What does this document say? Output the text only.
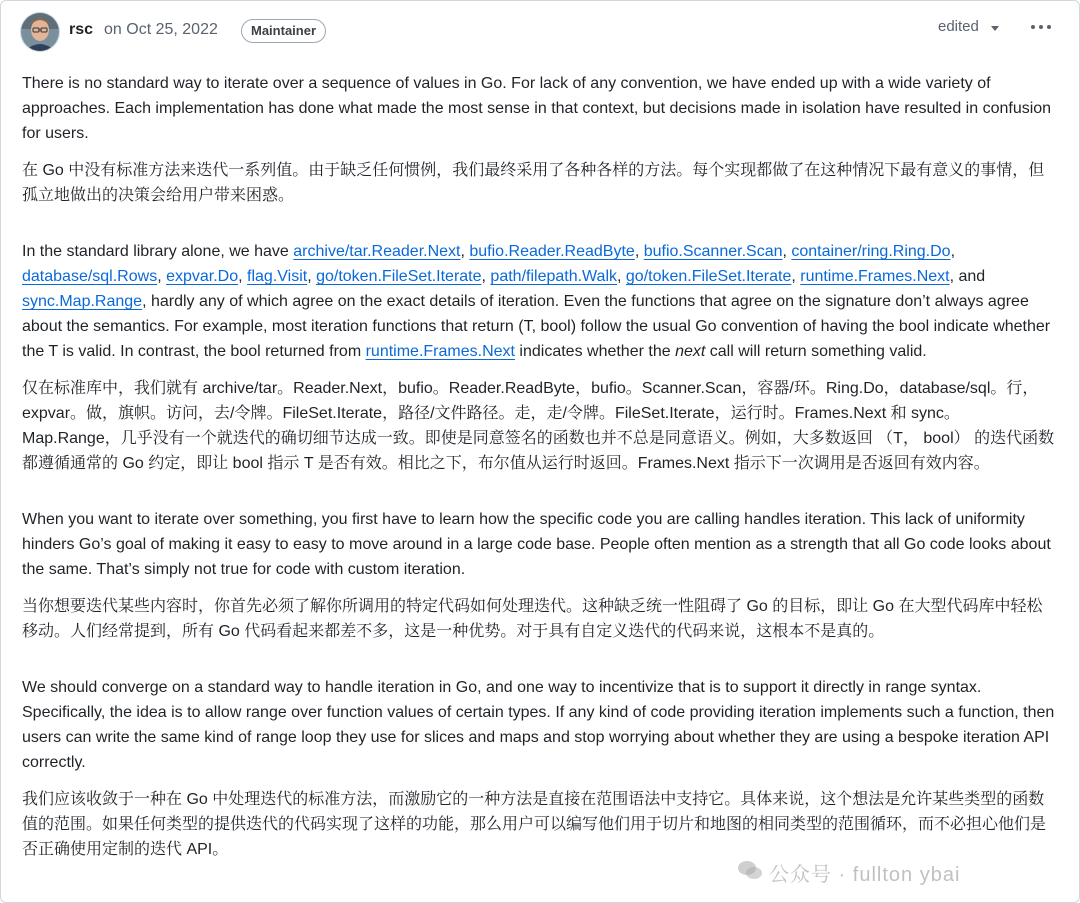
rsc on Oct 25, 2022	Maintainer	edited

There is no standard way to iterate over a sequence of values in Go. For lack of any convention, we have ended up with a wide variety of approaches. Each implementation has done what made the most sense in that context, but decisions made in isolation have resulted in confusion for users.

在 Go 中没有标准方法来迭代一系列值。由于缺乏任何惯例，我们最终采用了各种各样的方法。每个实现都做了在这种情况下最有意义的事情，但孤立地做出的决策会给用户带来困惑。

In the standard library alone, we have archive/tar.Reader.Next, bufio.Reader.ReadByte, bufio.Scanner.Scan, container/ring.Ring.Do, database/sql.Rows, expvar.Do, flag.Visit, go/token.FileSet.Iterate, path/filepath.Walk, go/token.FileSet.Iterate, runtime.Frames.Next, and sync.Map.Range, hardly any of which agree on the exact details of iteration. Even the functions that agree on the signature don’t always agree about the semantics. For example, most iteration functions that return (T, bool) follow the usual Go convention of having the bool indicate whether the T is valid. In contrast, the bool returned from runtime.Frames.Next indicates whether the next call will return something valid.

仅在标准库中，我们就有 archive/tar。Reader.Next，bufio。Reader.ReadByte，bufio。Scanner.Scan，容器/环。Ring.Do，database/sql。行，expvar。做，旗帜。访问，去/令牌。FileSet.Iterate，路径/文件路径。走，走/令牌。FileSet.Iterate，运行时。Frames.Next 和 sync。Map.Range，几乎没有一个就迭代的确切细节达成一致。即使是同意签名的函数也并不总是同意语义。例如，大多数返回 （T， bool） 的迭代函数都遵循通常的 Go 约定，即让 bool 指示 T 是否有效。相比之下，布尔值从运行时返回。Frames.Next 指示下一次调用是否返回有效内容。

When you want to iterate over something, you first have to learn how the specific code you are calling handles iteration. This lack of uniformity hinders Go’s goal of making it easy to easy to move around in a large code base. People often mention as a strength that all Go code looks about the same. That’s simply not true for code with custom iteration.

当你想要迭代某些内容时，你首先必须了解你所调用的特定代码如何处理迭代。这种缺乏统一性阻碍了 Go 的目标，即让 Go 在大型代码库中轻松移动。人们经常提到，所有 Go 代码看起来都差不多，这是一种优势。对于具有自定义迭代的代码来说，这根本不是真的。

We should converge on a standard way to handle iteration in Go, and one way to incentivize that is to support it directly in range syntax. Specifically, the idea is to allow range over function values of certain types. If any kind of code providing iteration implements such a function, then users can write the same kind of range loop they use for slices and maps and stop worrying about whether they are using a bespoke iteration API correctly.

我们应该收敛于一种在 Go 中处理迭代的标准方法，而激励它的一种方法是直接在范围语法中支持它。具体来说，这个想法是允许某些类型的函数值的范围。如果任何类型的提供迭代的代码实现了这样的功能，那么用户可以编写他们用于切片和地图的相同类型的范围循环，而不必担心他们是否正确使用定制的迭代 API。

公众号 · fullton ybai
